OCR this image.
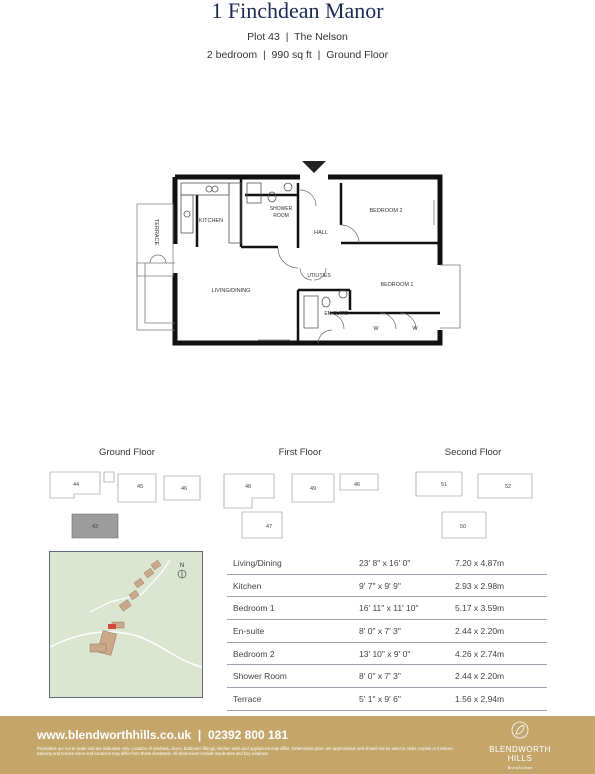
1 Finchdean Manor
Plot 43 | The Nelson
2 bedroom | 990 sq ft | Ground Floor
TERRACE	KITCHEN
SHOWER
ROOM
HALL
BEDROOM 2
UTILITIES
BEDROOM 1
LIVING/DINING
EN-SUITE
W	W
Ground Floor	First Floor	Second Floor
44	45	46
43
48	49
46
47
51	52
50
N	Living/Dining	23' 8" x 16' 0"	7.20 x 4.87m
Kitchen	9' 7" x 9' 9"	2.93 x 2.98m
Bedroom 1	16' 11" x 11' 10"	5.17 x 3.59m
En-suite	8' 0" x 7' 3"	2.44 x 2.20m
Bedroom 2	13' 10" x 9' 0"	4.26 x 2.74m
Shower Room	8' 0" x 7' 3"	2.44 x 2.20m
Terrace	5' 1" x 9' 6"	1.56 x 2.94m
www.blendworthhills.co.uk | 02392 800 181
Floorplans are not to scale and are indicative only. Location of windows, doors, bathroom fittings, kitchen units and appliances may differ. Dimensions given are approximate and should not be used to order carpets or furniture. Balcony and terrace sizes and locations may differ from those illustrated. All dimensions include wardrobes and bay windows.	BLENDWORTH
HILLS
Beyond a home
